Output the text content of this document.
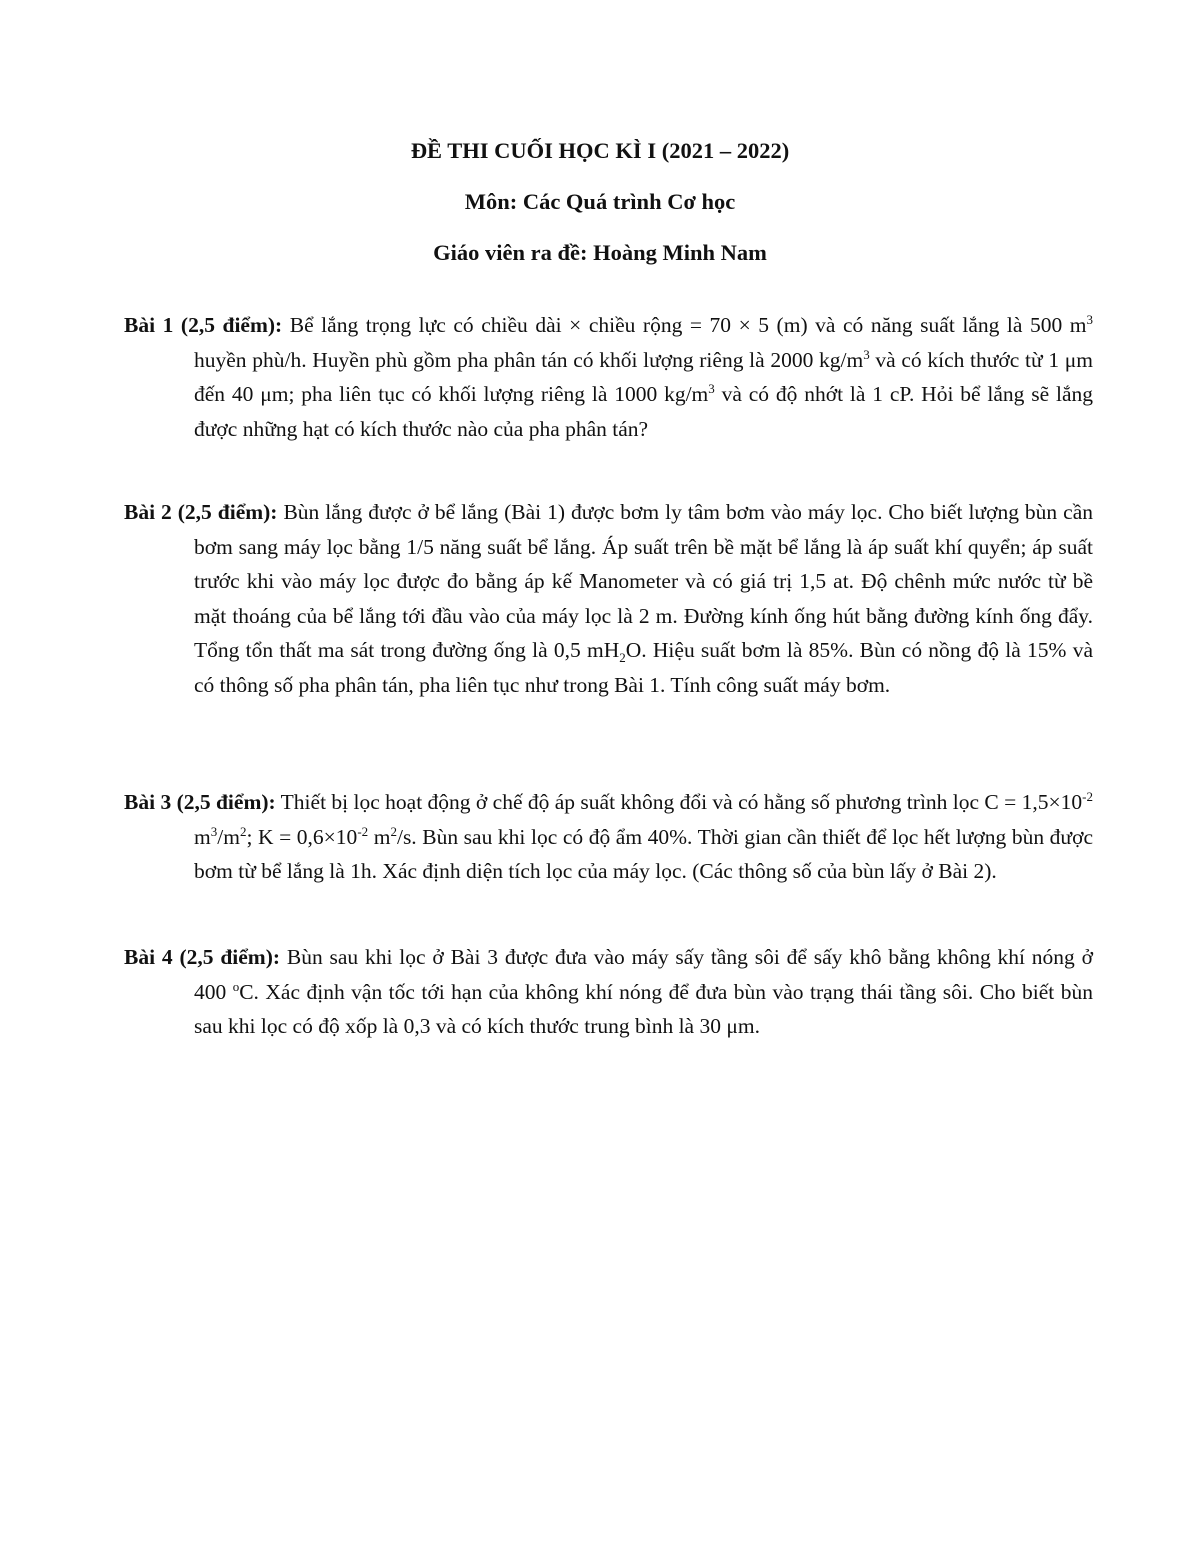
ĐỀ THI CUỐI HỌC KÌ I (2021 – 2022)
Môn: Các Quá trình Cơ học
Giáo viên ra đề: Hoàng Minh Nam
Bài 1 (2,5 điểm): Bể lắng trọng lực có chiều dài × chiều rộng = 70 × 5 (m) và có năng suất lắng là 500 $m^3$ huyền phù/h. Huyền phù gồm pha phân tán có khối lượng riêng là 2000 $kg/m^3$ và có kích thước từ 1 μm đến 40 μm; pha liên tục có khối lượng riêng là 1000 $kg/m^3$ và có độ nhớt là 1 cP. Hỏi bể lắng sẽ lắng được những hạt có kích thước nào của pha phân tán?
Bài 2 (2,5 điểm): Bùn lắng được ở bể lắng (Bài 1) được bơm ly tâm bơm vào máy lọc. Cho biết lượng bùn cần bơm sang máy lọc bằng 1/5 năng suất bể lắng. Áp suất trên bề mặt bể lắng là áp suất khí quyển; áp suất trước khi vào máy lọc được đo bằng áp kế Manometer và có giá trị 1,5 at. Độ chênh mức nước từ bề mặt thoáng của bể lắng tới đầu vào của máy lọc là 2 m. Đường kính ống hút bằng đường kính ống đẩy. Tổng tổn thất ma sát trong đường ống là 0,5 $mH_2O$. Hiệu suất bơm là 85%. Bùn có nồng độ là 15% và có thông số pha phân tán, pha liên tục như trong Bài 1. Tính công suất máy bơm.
Bài 3 (2,5 điểm): Thiết bị lọc hoạt động ở chế độ áp suất không đổi và có hằng số phương trình lọc $C = 1,5\times 10^{-2}$ $m^3/m^2$; $K = 0,6\times 10^{-2}$ $m^2/s$. Bùn sau khi lọc có độ ẩm 40%. Thời gian cần thiết để lọc hết lượng bùn được bơm từ bể lắng là 1h. Xác định diện tích lọc của máy lọc. (Các thông số của bùn lấy ở Bài 2).
Bài 4 (2,5 điểm): Bùn sau khi lọc ở Bài 3 được đưa vào máy sấy tầng sôi để sấy khô bằng không khí nóng ở 400 $^o$C. Xác định vận tốc tới hạn của không khí nóng để đưa bùn vào trạng thái tầng sôi. Cho biết bùn sau khi lọc có độ xốp là 0,3 và có kích thước trung bình là 30 μm.
